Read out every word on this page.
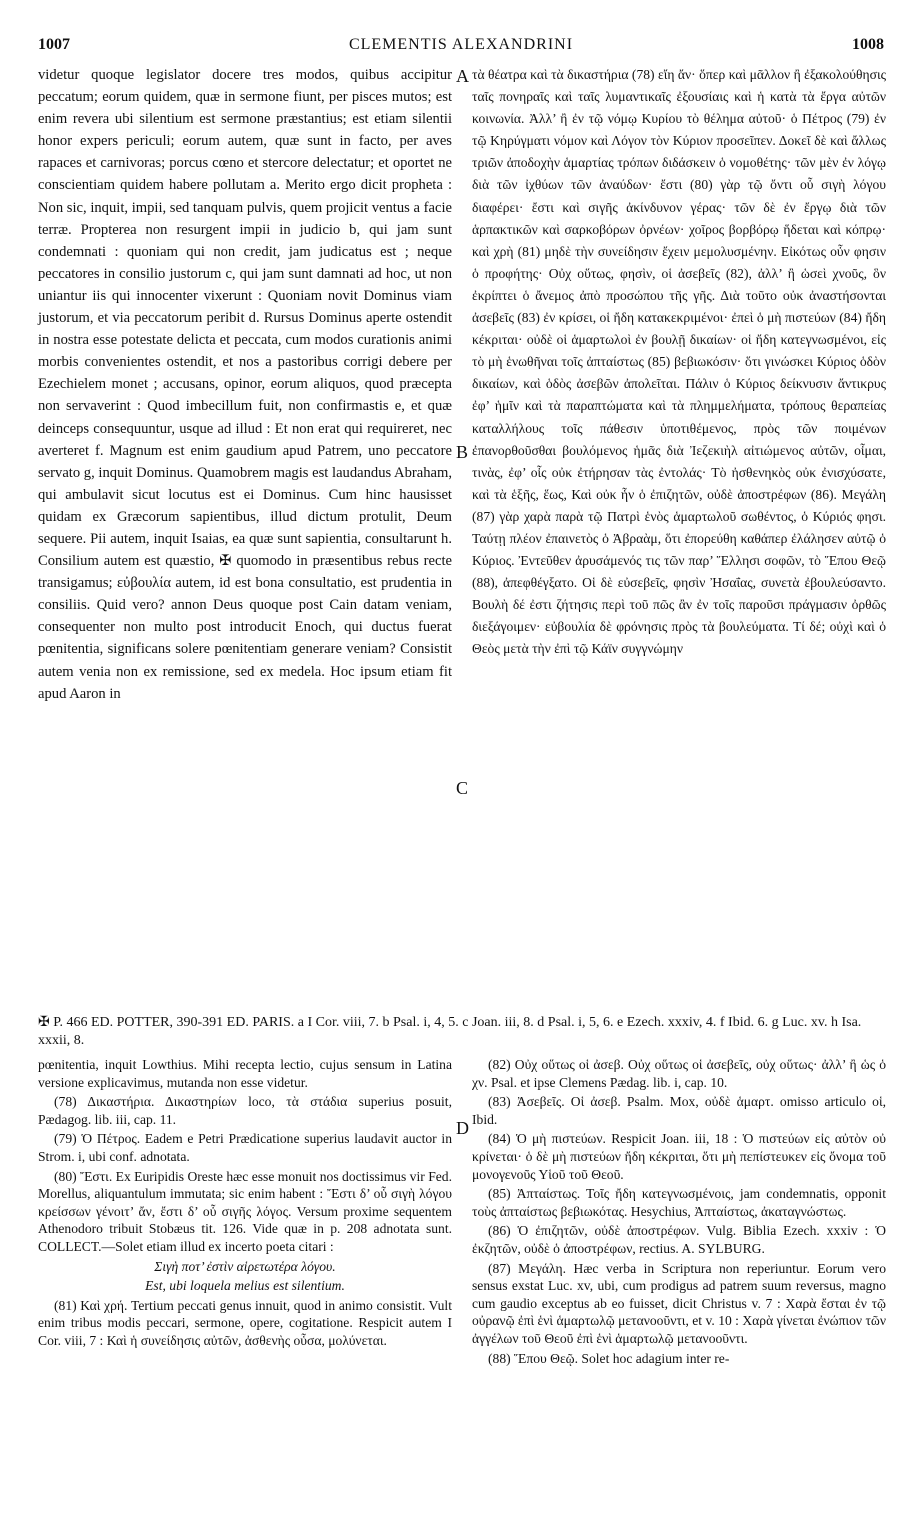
1007	CLEMENTIS ALEXANDRINI	1008

videtur quoque legislator docere tres modos, quibus accipitur peccatum; eorum quidem, quæ in sermone fiunt, per pisces mutos; est enim revera ubi silentium est sermone præstantius; est etiam silentii honor expers periculi; eorum autem, quæ sunt in facto, per aves rapaces et carnivoras; porcus cœno et stercore delectatur; et oportet ne conscientiam quidem habere pollutam a. Merito ergo dicit propheta : Non sic, inquit, impii, sed tanquam pulvis, quem projicit ventus a facie terræ. Propterea non resurgent impii in judicio b, qui jam sunt condemnati : quoniam qui non credit, jam judicatus est ; neque peccatores in consilio justorum c, qui jam sunt damnati ad hoc, ut non uniantur iis qui innocenter vixerunt : Quoniam novit Dominus viam justorum, et via peccatorum peribit d. Rursus Dominus aperte ostendit in nostra esse potestate delicta et peccata, cum modos curationis animi morbis convenientes ostendit, et nos a pastoribus corrigi debere per Ezechielem monet ; accusans, opinor, eorum aliquos, quod præcepta non servaverint : Quod imbecillum fuit, non confirmastis e, et quæ deinceps consequuntur, usque ad illud : Et non erat qui requireret, nec averteret f. Magnum est enim gaudium apud Patrem, uno peccatore servato g, inquit Dominus. Quamobrem magis est laudandus Abraham, qui ambulavit sicut locutus est ei Dominus. Cum hinc hausisset quidam ex Græcorum sapientibus, illud dictum protulit, Deum sequere. Pii autem, inquit Isaias, ea quæ sunt sapientia, consultarunt h. Consilium autem est quæstio, ✠ quomodo in præsentibus rebus recte transigamus; εὐβουλία autem, id est bona consultatio, est prudentia in consiliis. Quid vero? annon Deus quoque post Cain datam veniam, consequenter non multo post introducit Enoch, qui ductus fuerat pœnitentia, significans solere pœnitentiam generare veniam? Consistit autem venia non ex remissione, sed ex medela. Hoc ipsum etiam fit apud Aaron in

A
B
C
D

τὰ θέατρα καὶ τὰ δικαστήρια (78) εἴη ἄν· ὅπερ καὶ μᾶλλον ἢ ἐξακολούθησις ταῖς πονηραῖς καὶ ταῖς λυμαντικαῖς ἐξουσίαις καὶ ἡ κατὰ τὰ ἔργα αὐτῶν κοινωνία. Ἀλλ’ ἢ ἐν τῷ νόμῳ Κυρίου τὸ θέλημα αὐτοῦ· ὁ Πέτρος (79) ἐν τῷ Κηρύγματι νόμον καὶ Λόγον τὸν Κύριον προσεῖπεν. Δοκεῖ δὲ καὶ ἄλλως τριῶν ἀποδοχὴν ἁμαρτίας τρόπων διδάσκειν ὁ νομοθέτης· τῶν μὲν ἐν λόγῳ διὰ τῶν ἰχθύων τῶν ἀναύδων· ἔστι (80) γὰρ τῷ ὄντι οὗ σιγὴ λόγου διαφέρει· ἔστι καὶ σιγῆς ἀκίνδυνον γέρας· τῶν δὲ ἐν ἔργῳ διὰ τῶν ἁρπακτικῶν καὶ σαρκοβόρων ὀρνέων· χοῖρος βορβόρῳ ἥδεται καὶ κόπρῳ· καὶ χρὴ (81) μηδὲ τὴν συνείδησιν ἔχειν μεμολυσμένην. Εἰκότως οὖν φησιν ὁ προφήτης· Οὐχ οὕτως, φησὶν, οἱ ἀσεβεῖς (82), ἀλλ’ ἢ ὡσεὶ χνοῦς, ὃν ἐκρίπτει ὁ ἄνεμος ἀπὸ προσώπου τῆς γῆς. Διὰ τοῦτο οὐκ ἀναστήσονται ἀσεβεῖς (83) ἐν κρίσει, οἱ ἤδη κατακεκριμένοι· ἐπεὶ ὁ μὴ πιστεύων (84) ἤδη κέκριται· οὐδὲ οἱ ἁμαρτωλοὶ ἐν βουλῇ δικαίων· οἱ ἤδη κατεγνωσμένοι, εἰς τὸ μὴ ἑνωθῆναι τοῖς ἀπταίστως (85) βεβιωκόσιν· ὅτι γινώσκει Κύριος ὁδὸν δικαίων, καὶ ὁδὸς ἀσεβῶν ἀπολεῖται. Πάλιν ὁ Κύριος δείκνυσιν ἄντικρυς ἐφ’ ἡμῖν καὶ τὰ παραπτώματα καὶ τὰ πλημμελήματα, τρόπους θεραπείας καταλλήλους τοῖς πάθεσιν ὑποτιθέμενος, πρὸς τῶν ποιμένων ἐπανορθοῦσθαι βουλόμενος ἡμᾶς διὰ Ἰεζεκιὴλ αἰτιώμενος αὐτῶν, οἶμαι, τινὰς, ἐφ’ οἷς οὐκ ἐτήρησαν τὰς ἐντολάς· Τὸ ἠσθενηκὸς οὐκ ἐνισχύσατε, καὶ τὰ ἑξῆς, ἕως, Καὶ οὐκ ἦν ὁ ἐπιζητῶν, οὐδὲ ἀποστρέφων (86). Μεγάλη (87) γὰρ χαρὰ παρὰ τῷ Πατρὶ ἑνὸς ἁμαρτωλοῦ σωθέντος, ὁ Κύριός φησι. Ταύτῃ πλέον ἐπαινετὸς ὁ Ἀβραὰμ, ὅτι ἐπορεύθη καθάπερ ἐλάλησεν αὐτῷ ὁ Κύριος. Ἐντεῦθεν ἀρυσάμενός τις τῶν παρ’ Ἕλλησι σοφῶν, τὸ Ἕπου Θεῷ (88), ἀπεφθέγξατο. Οἱ δὲ εὐσεβεῖς, φησὶν Ἠσαΐας, συνετὰ ἐβουλεύσαντο. Βουλὴ δέ ἐστι ζήτησις περὶ τοῦ πῶς ἂν ἐν τοῖς παροῦσι πράγμασιν ὀρθῶς διεξάγοιμεν· εὐβουλία δὲ φρόνησις πρὸς τὰ βουλεύματα. Τί δέ; οὐχὶ καὶ ὁ Θεὸς μετὰ τὴν ἐπὶ τῷ Κάϊν συγγνώμην

✠ P. 466 ED. POTTER, 390-391 ED. PARIS. a I Cor. viii, 7. b Psal. i, 4, 5. c Joan. iii, 8. d Psal. i, 5, 6. e Ezech. xxxiv, 4. f Ibid. 6. g Luc. xv. h Isa. xxxii, 8.

pœnitentia, inquit Lowthius. Mihi recepta lectio, cujus sensum in Latina versione explicavimus, mutanda non esse videtur.

(78) Δικαστήρια. Δικαστηρίων loco, τὰ στάδια superius posuit, Pædagog. lib. iii, cap. 11.

(79) Ὁ Πέτρος. Eadem e Petri Prædicatione superius laudavit auctor in Strom. i, ubi conf. adnotata.

(80) Ἔστι. Ex Euripidis Oreste hæc esse monuit nos doctissimus vir Fed. Morellus, aliquantulum immutata; sic enim habent : Ἔστι δ’ οὗ σιγὴ λόγου κρείσσων γένοιτ’ ἄν, ἔστι δ’ οὗ σιγῆς λόγος. Versum proxime sequentem Athenodoro tribuit Stobæus tit. 126. Vide quæ in p. 208 adnotata sunt. COLLECT.—Solet etiam illud ex incerto poeta citari :

Σιγὴ ποτ’ ἐστὶν αἱρετωτέρα λόγου.

Est, ubi loquela melius est silentium.

(81) Καὶ χρή. Tertium peccati genus innuit, quod in animo consistit. Vult enim tribus modis peccari, sermone, opere, cogitatione. Respicit autem I Cor. viii, 7 : Καὶ ἡ συνείδησις αὐτῶν, ἀσθενὴς οὖσα, μολύνεται.

(82) Οὐχ οὕτως οἱ ἀσεβ. Οὐχ οὕτως οἱ ἀσεβεῖς, οὐχ οὕτως· ἀλλ’ ἢ ὡς ὁ χν. Psal. et ipse Clemens Pædag. lib. i, cap. 10.

(83) Ἀσεβεῖς. Οἱ ἀσεβ. Psalm. Mox, οὐδὲ ἁμαρτ. omisso articulo oἱ, Ibid.

(84) Ὁ μὴ πιστεύων. Respicit Joan. iii, 18 : Ὁ πιστεύων εἰς αὐτὸν οὐ κρίνεται· ὁ δὲ μὴ πιστεύων ἤδη κέκριται, ὅτι μὴ πεπίστευκεν εἰς ὄνομα τοῦ μονογενοῦς Υἱοῦ τοῦ Θεοῦ.

(85) Ἀπταίστως. Τοῖς ἤδη κατεγνωσμένοις, jam condemnatis, opponit τοὺς ἀπταίστως βεβιωκότας. Hesychius, Ἀπταίστως, ἀκαταγνώστως.

(86) Ὁ ἐπιζητῶν, οὐδὲ ἀποστρέφων. Vulg. Biblia Ezech. xxxiv : Ὁ ἐκζητῶν, οὐδὲ ὁ ἀποστρέφων, rectius. A. SYLBURG.

(87) Μεγάλη. Hæc verba in Scriptura non reperiuntur. Eorum vero sensus exstat Luc. xv, ubi, cum prodigus ad patrem suum reversus, magno cum gaudio exceptus ab eo fuisset, dicit Christus v. 7 : Χαρὰ ἔσται ἐν τῷ οὐρανῷ ἐπὶ ἑνὶ ἁμαρτωλῷ μετανοοῦντι, et v. 10 : Χαρὰ γίνεται ἐνώπιον τῶν ἀγγέλων τοῦ Θεοῦ ἐπὶ ἑνὶ ἁμαρτωλῷ μετανοοῦντι.

(88) Ἕπου Θεῷ. Solet hoc adagium inter re-
